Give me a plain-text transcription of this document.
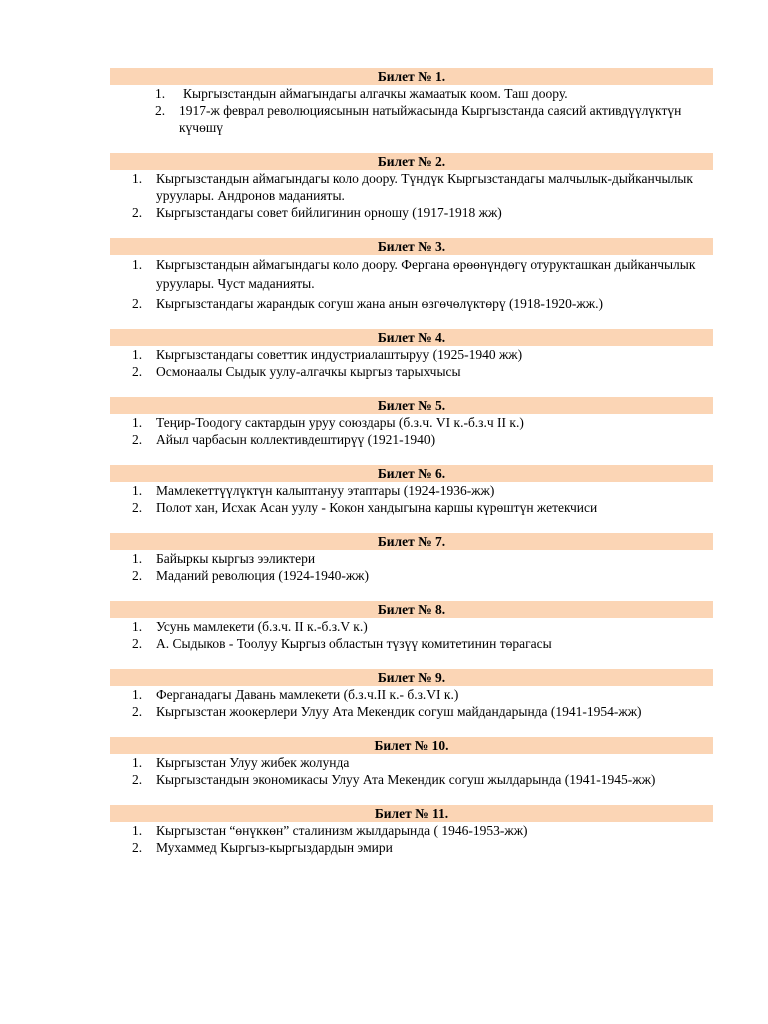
Билет № 1.
1. Кыргызстандын аймагындагы алгачкы жамаатык коом. Таш доору.
2. 1917-ж феврал революциясынын натыйжасында Кыргызстанда саясий активдүүлүктүн күчөшү
Билет № 2.
1. Кыргызстандын аймагындагы коло доору. Түндүк Кыргызстандагы малчылык-дыйканчылык уруулары. Андронов маданияты.
2. Кыргызстандагы совет бийлигинин орношу (1917-1918 жж)
Билет № 3.
1. Кыргызстандын аймагындагы коло доору. Фергана өрөөнүндөгү отурукташкан дыйканчылык уруулары. Чуст маданияты.
2. Кыргызстандагы жарандык согуш жана анын өзгөчөлүктөрү (1918-1920-жж.)
Билет № 4.
1. Кыргызстандагы советтик индустриалаштыруу (1925-1940 жж)
2. Осмонаалы Сыдык уулу-алгачкы кыргыз тарыхчысы
Билет № 5.
1. Теңир-Тоодогу сактардын уруу союздары (б.з.ч. VI к.-б.з.ч II к.)
2. Айыл чарбасын коллективдештирүү (1921-1940)
Билет № 6.
1. Мамлекеттүүлүктүн калыптануу этаптары (1924-1936-жж)
2. Полот хан, Исхак Асан уулу - Кокон хандыгына каршы күрөштүн жетекчиси
Билет № 7.
1. Байыркы кыргыз ээликтери
2. Маданий революция (1924-1940-жж)
Билет № 8.
1. Усунь мамлекети (б.з.ч. II к.-б.з.V к.)
2. А. Сыдыков - Тоолуу Кыргыз областын түзүү комитетинин төрагасы
Билет № 9.
1. Ферганадагы Давань мамлекети (б.з.ч.II к.- б.з.VI к.)
2. Кыргызстан жоокерлери Улуу Ата Мекендик согуш майдандарында (1941-1954-жж)
Билет № 10.
1. Кыргызстан Улуу жибек жолунда
2. Кыргызстандын экономикасы Улуу Ата Мекендик согуш жылдарында (1941-1945-жж)
Билет № 11.
1. Кыргызстан “өнүккөн” сталинизм жылдарында ( 1946-1953-жж)
2. Мухаммед Кыргыз-кыргыздардын эмири
